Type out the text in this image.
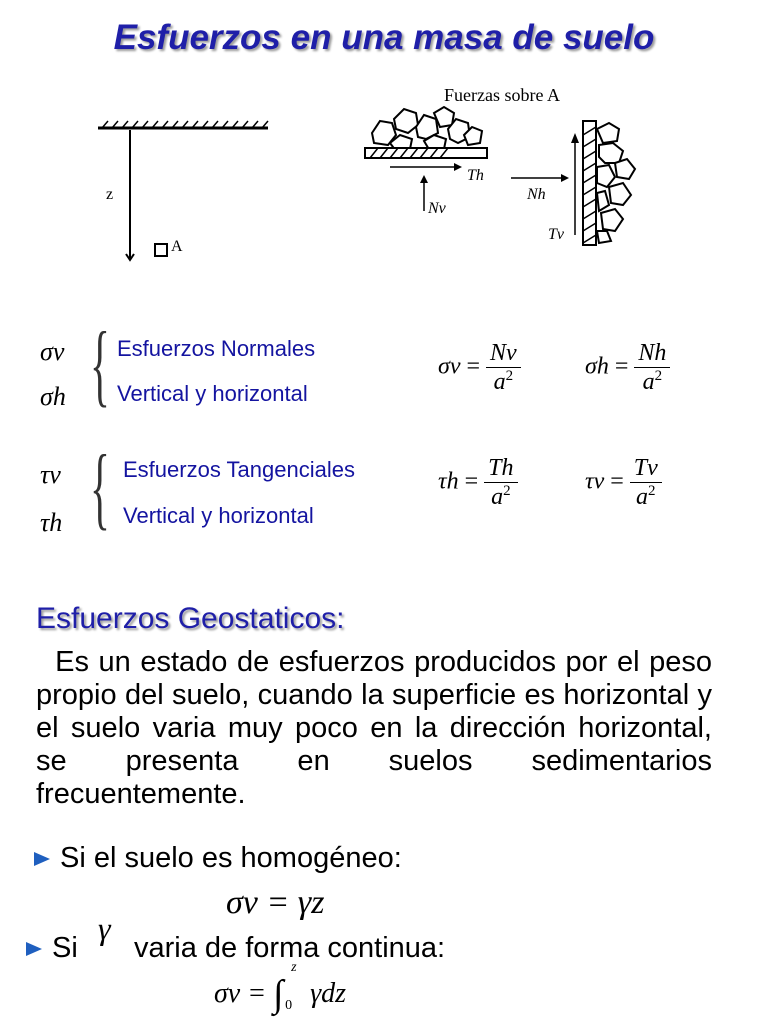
Esfuerzos en una masa de suelo
Fuerzas sobre A
z
A
Th
Nv
Nh
Tv
σv
σh { Esfuerzos Normales
Vertical y horizontal
$\sigma v = \frac{Nv}{a^2}$	$\sigma h = \frac{Nh}{a^2}$
τv
τh { Esfuerzos Tangenciales
Vertical y horizontal
$\tau h = \frac{Th}{a^2}$	$\tau v = \frac{Tv}{a^2}$
Esfuerzos Geostaticos:
Es un estado de esfuerzos producidos por el peso propio del suelo, cuando la superficie es horizontal y el suelo varia muy poco en la dirección horizontal, se presenta en suelos sedimentarios frecuentemente.
Si el suelo es homogéneo:
σv = γz
Si
γ
varia de forma continua:
σv = ∫
z
0 γdz
